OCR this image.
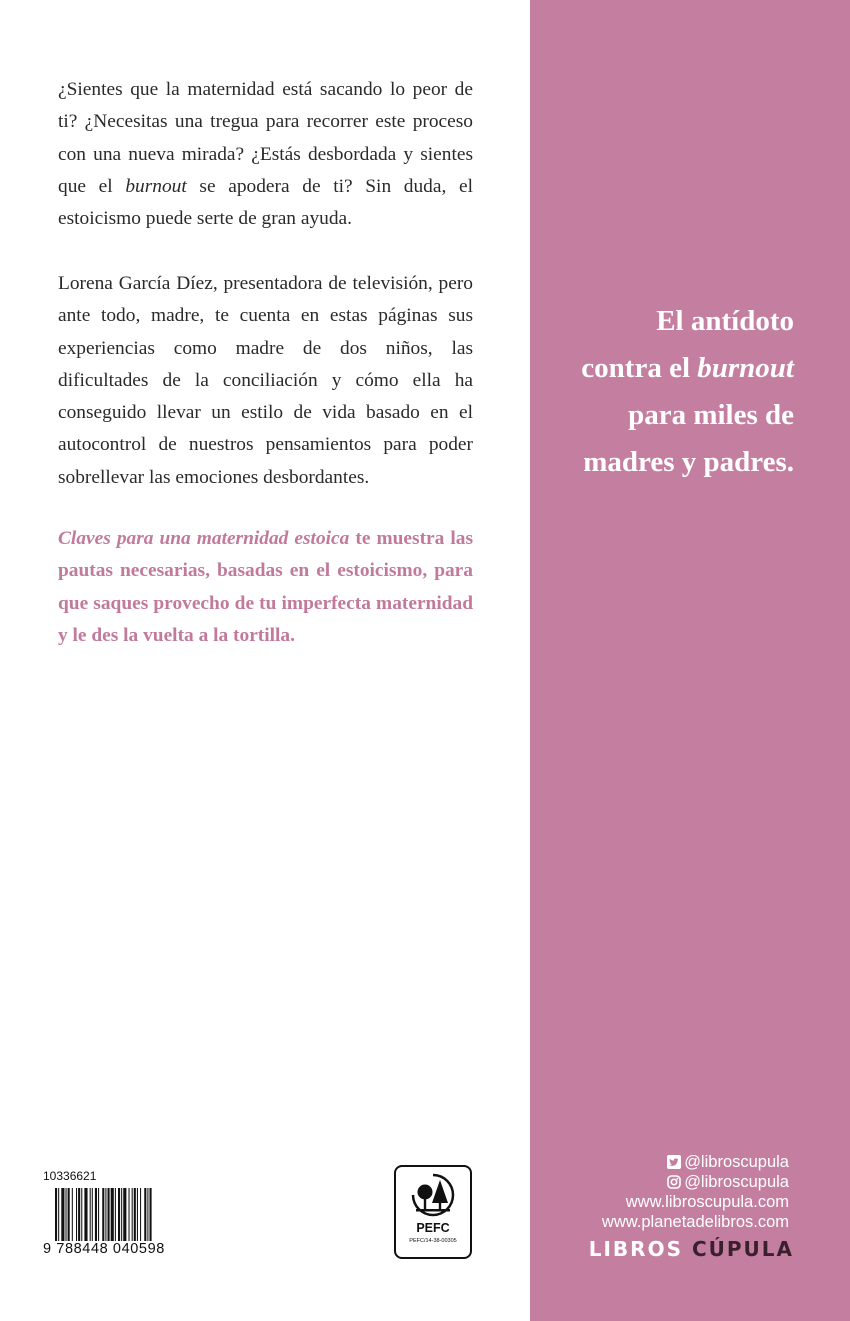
¿Sientes que la maternidad está sacando lo peor de ti? ¿Necesitas una tregua para recorrer este proceso con una nueva mirada? ¿Estás desbordada y sientes que el burnout se apodera de ti? Sin duda, el estoicismo puede serte de gran ayuda.

Lorena García Díez, presentadora de televisión, pero ante todo, madre, te cuenta en estas páginas sus experiencias como madre de dos niños, las dificultades de la conciliación y cómo ella ha conseguido llevar un estilo de vida basado en el autocontrol de nuestros pensamientos para poder sobrellevar las emociones desbordantes.

Claves para una maternidad estoica te muestra las pautas necesarias, basadas en el estoicismo, para que saques provecho de tu imperfecta maternidad y le des la vuelta a la tortilla.

10336621
9 788448 040598
PEFC
PEFC/14-38-00305

El antídoto
contra el burnout
para miles de
madres y padres.

@libroscupula
@libroscupula
www.libroscupula.com
www.planetadelibros.com
LIBROS CÚPULA
